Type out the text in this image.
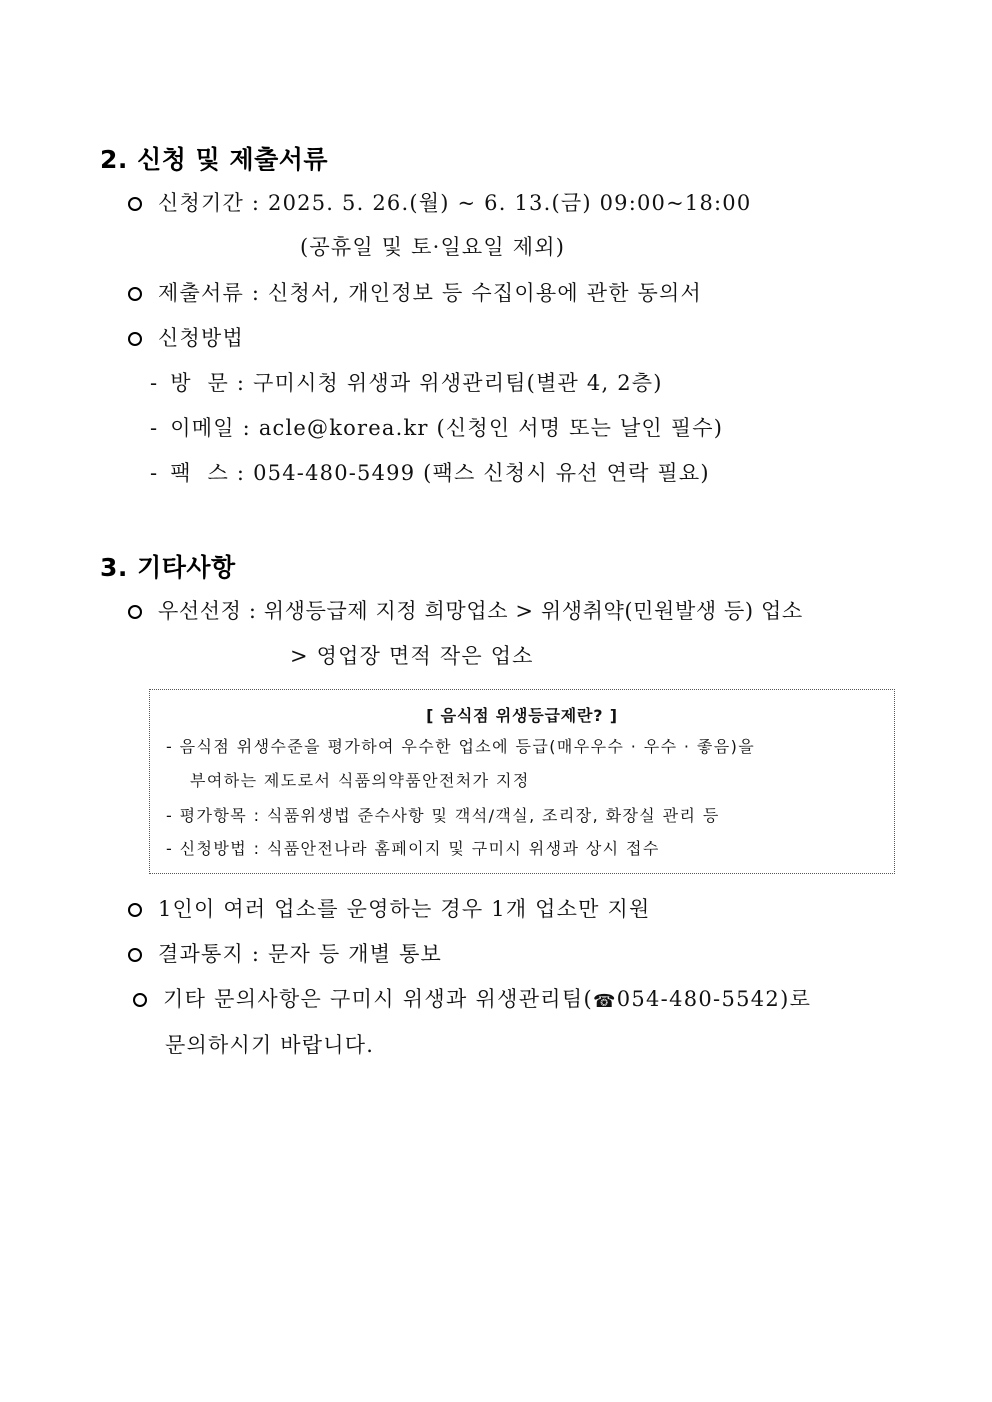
2. 신청 및 제출서류
신청기간 : 2025. 5. 26.(월) ~ 6. 13.(금) 09:00~18:00
(공휴일 및 토·일요일 제외)
제출서류 : 신청서, 개인정보 등 수집이용에 관한 동의서
신청방법
- 방  문 : 구미시청 위생과 위생관리팀(별관 4, 2층)
- 이메일 : acle@korea.kr (신청인 서명 또는 날인 필수)
- 팩  스 : 054-480-5499 (팩스 신청시 유선 연락 필요)
3. 기타사항
우선선정 : 위생등급제 지정 희망업소 > 위생취약(민원발생 등) 업소
> 영업장 면적 작은 업소
[ 음식점 위생등급제란? ]
- 음식점 위생수준을 평가하여 우수한 업소에 등급(매우우수 · 우수 · 좋음)을
부여하는 제도로서 식품의약품안전처가 지정
- 평가항목 : 식품위생법 준수사항 및 객석/객실, 조리장, 화장실 관리 등
- 신청방법 : 식품안전나라 홈페이지 및 구미시 위생과 상시 접수
1인이 여러 업소를 운영하는 경우 1개 업소만 지원
결과통지 : 문자 등 개별 통보
기타 문의사항은 구미시 위생과 위생관리팀(☎054-480-5542)로
문의하시기 바랍니다.
